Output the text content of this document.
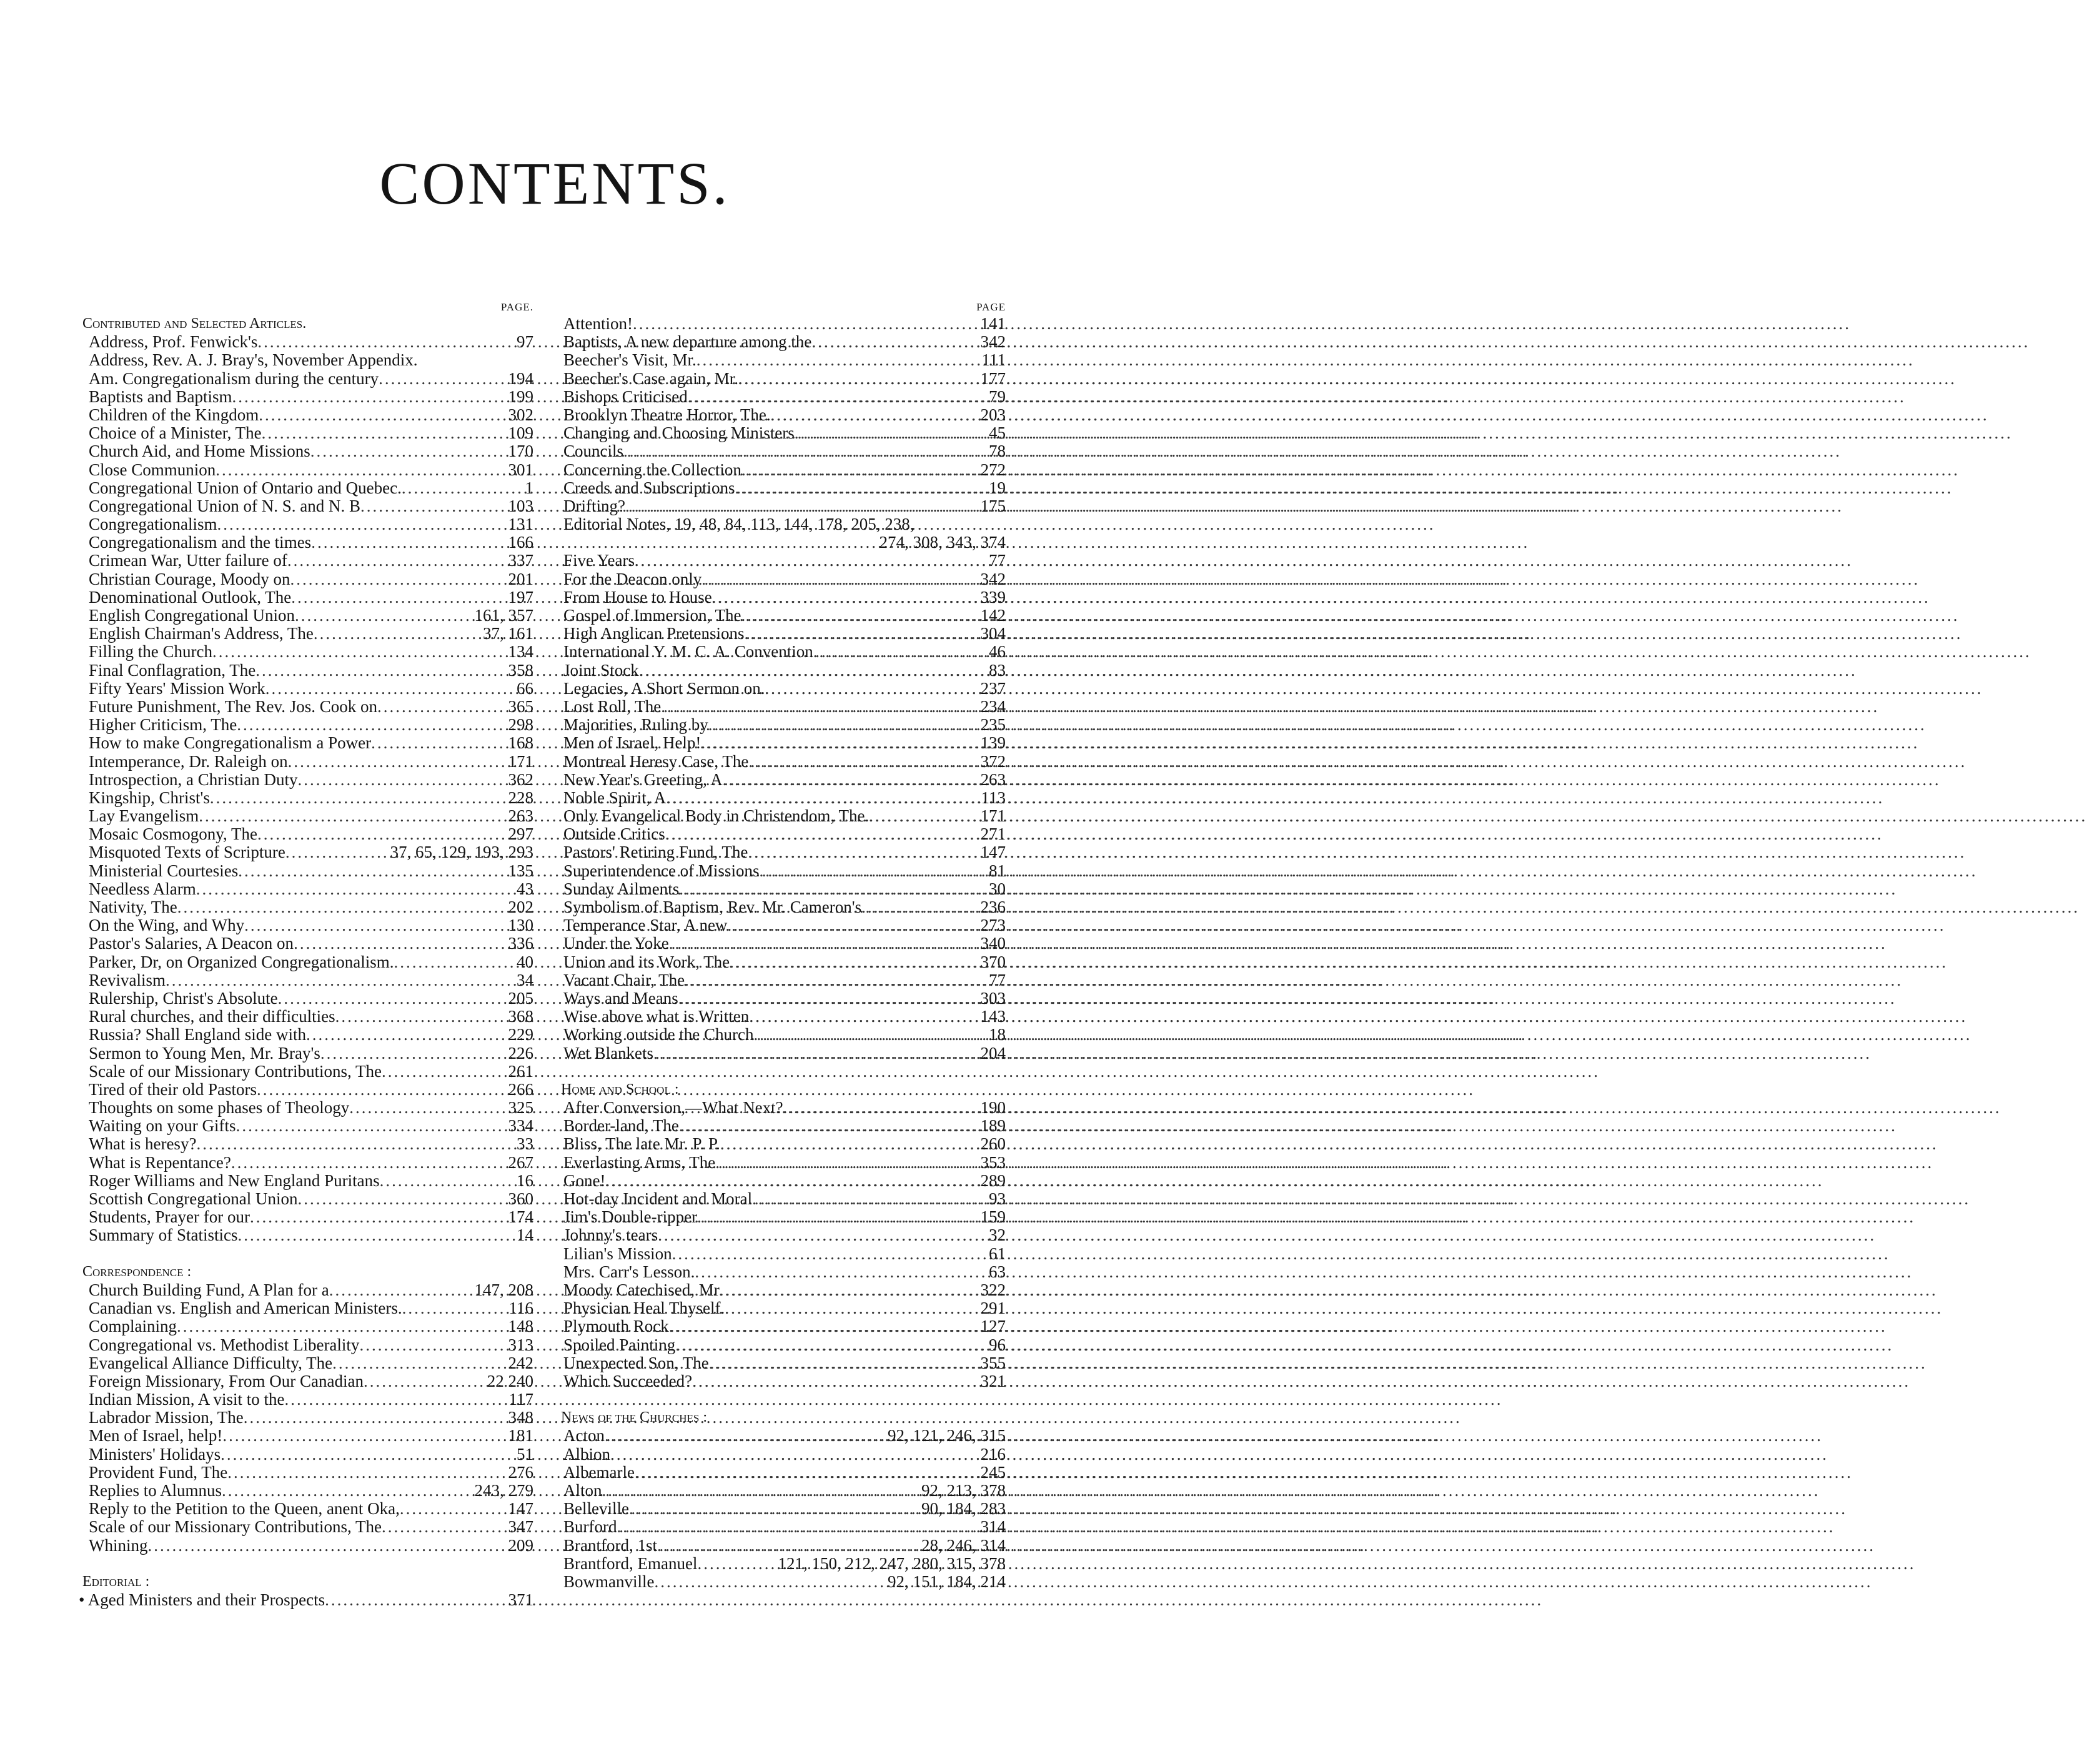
CONTENTS.
PAGE.
Contributed and Selected Articles.
Address, Prof. Fenwick's .....	97
Address, Rev. A. J. Bray's, November Appendix.
Am. Congregationalism during the century .....	194
Baptists and Baptism .....	199
Children of the Kingdom .....	302
Choice of a Minister, The .....	109
Church Aid, and Home Missions .....	170
Close Communion .....	301
Congregational Union of Ontario and Quebec. .....	1
Congregational Union of N. S. and N. B .....	103
Congregationalism .....	131
Congregationalism and the times .....	166
Crimean War, Utter failure of .....	337
Christian Courage, Moody on .....	201
Denominational Outlook, The .....	197
English Congregational Union .....	161, 357
English Chairman's Address, The .....	37, 161
Filling the Church .....	134
Final Conflagration, The .....	358
Fifty Years' Mission Work .....	66
Future Punishment, The Rev. Jos. Cook on .....	365
Higher Criticism, The .....	298
How to make Congregationalism a Power .....	168
Intemperance, Dr. Raleigh on .....	171
Introspection, a Christian Duty .....	362
Kingship, Christ's .....	228
Lay Evangelism .....	263
Mosaic Cosmogony, The .....	297
Misquoted Texts of Scripture .....	37, 65, 129, 193, 293
Ministerial Courtesies .....	135
Needless Alarm .....	43
Nativity, The .....	202
On the Wing, and Why .....	130
Pastor's Salaries, A Deacon on .....	336
Parker, Dr, on Organized Congregationalism. .....	40
Revivalism .....	34
Rulership, Christ's Absolute .....	205
Rural churches, and their difficulties .....	368
Russia? Shall England side with .....	229
Sermon to Young Men, Mr. Bray's .....	226
Scale of our Missionary Contributions, The .....	261
Tired of their old Pastors .....	266
Thoughts on some phases of Theology .....	325
Waiting on your Gifts .....	334
What is heresy? .....	33
What is Repentance? .....	267
Roger Williams and New England Puritans .....	16
Scottish Congregational Union .....	360
Students, Prayer for our .....	174
Summary of Statistics .....	14
Correspondence :
Church Building Fund, A Plan for a .....	147, 208
Canadian vs. English and American Ministers. .....	116
Complaining .....	148
Congregational vs. Methodist Liberality .....	313
Evangelical Alliance Difficulty, The .....	242
Foreign Missionary, From Our Canadian .....	22 240
Indian Mission, A visit to the .....	117
Labrador Mission, The .....	348
Men of Israel, help! .....	181
Ministers' Holidays .....	51
Provident Fund, The .....	276
Replies to Alumnus .....	243, 279
Reply to the Petition to the Queen, anent Oka, .....	147
Scale of our Missionary Contributions, The .....	347
Whining .....	209
Editorial :
• Aged Ministers and their Prospects .....	371
PAGE
Attention! .....	141
Baptists, A new departure among the .....	342
Beecher's Visit, Mr. .....	111
Beecher's Case again, Mr. .....	177
Bishops Criticised .....	79
Brooklyn Theatre Horror, The. .....	203
Changing and Choosing Ministers .....	45
Councils .....	78
Concerning the Collection .....	272
Creeds and Subscriptions .....	19
Drifting? .....	175
Editorial Notes, 19, 48, 84, 113, 144, 178, 205, 238,
274, 308, 343, 374
Five Years .....	77
For the Deacon only .....	342
From House to House .....	339
Gospel of Immersion, The .....	142
High Anglican Pretensions .....	304
International Y. M. C. A. Convention .....	46
Joint Stock .....	83
Legacies, A Short Sermon on. .....	237
Lost Roll, The .....	234
Majorities, Ruling by .....	235
Men of Israel, Help! .....	139
Montreal Heresy Case, The .....	372
New Year's Greeting, A .....	263
Noble Spirit, A .....	113
Only Evangelical Body in Christendom, The. .....	171
Outside Critics .....	271
Pastors' Retiring Fund, The .....	147
Superintendence of Missions .....	81
Sunday Ailments .....	30
Symbolism of Baptism, Rev. Mr. Cameron's .....	236
Temperance Star, A new .....	273
Under the Yoke .....	340
Union and its Work, The .....	370
Vacant Chair, The .....	77
Ways and Means .....	303
Wise above what is Written .....	143
Working outside the Church .....	18
Wet Blankets .....	204
Home and School :
After Conversion,—What Next? .....	190
Border-land, The .....	189
Bliss, The late Mr. P. P. .....	260
Everlasting Arms, The .....	353
Gone! .....	289
Hot-day Incident and Moral .....	93
Jim's Double-ripper .....	159
Johnny's tears .....	32
Lilian's Mission .....	61
Mrs. Carr's Lesson. .....	63
Moody Catechised, Mr .....	322
Physician Heal Thyself. .....	291
Plymouth Rock .....	127
Spoiled Painting .....	96
Unexpected Son, The .....	355
Which Succeeded? .....	321
News of the Churches :
Acton .....	92, 121, 246, 315
Albion .....	216
Albemarle .....	245
Alton .....	92, 213, 378
Belleville .....	90, 184, 283
Burford .....	314
Brantford, 1st .....	28, 246, 314
Brantford, Emanuel .....	121, 150, 212, 247, 280, 315, 378
Bowmanville .....	92, 151, 184, 214
